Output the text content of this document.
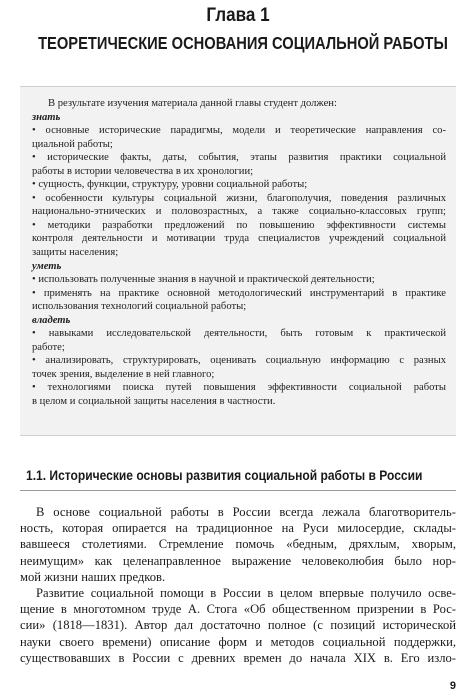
Глава 1
ТЕОРЕТИЧЕСКИЕ ОСНОВАНИЯ СОЦИАЛЬНОЙ РАБОТЫ
В результате изучения материала данной главы студент должен:
знать
• основные исторические парадигмы, модели и теоретические направления со-
циальной работы;
• исторические факты, даты, события, этапы развития практики социальной
работы в истории человечества в их хронологии;
• сущность, функции, структуру, уровни социальной работы;
• особенности культуры социальной жизни, благополучия, поведения различных
национально-этнических и половозрастных, а также социально-классовых групп;
• методики разработки предложений по повышению эффективности системы
контроля деятельности и мотивации труда специалистов учреждений социальной
защиты населения;
уметь
• использовать полученные знания в научной и практической деятельности;
• применять на практике основной методологический инструментарий в практике
использования технологий социальной работы;
владеть
• навыками исследовательской деятельности, быть готовым к практической
работе;
• анализировать, структурировать, оценивать социальную информацию с разных
точек зрения, выделение в ней главного;
• технологиями поиска путей повышения эффективности социальной работы
в целом и социальной защиты населения в частности.
1.1. Исторические основы развития социальной работы в России
В основе социальной работы в России всегда лежала благотворитель-
ность, которая опирается на традиционное на Руси милосердие, склады-
вавшееся столетиями. Стремление помочь «бедным, дряхлым, хворым,
неимущим» как целенаправленное выражение человеколюбия было нор-
мой жизни наших предков.
Развитие социальной помощи в России в целом впервые получило осве-
щение в многотомном труде А. Стога «Об общественном призрении в Рос-
сии» (1818—1831). Автор дал достаточно полное (с позиций исторической
науки своего времени) описание форм и методов социальной поддержки,
существовавших в России с древних времен до начала XIX в. Его изло-
9
